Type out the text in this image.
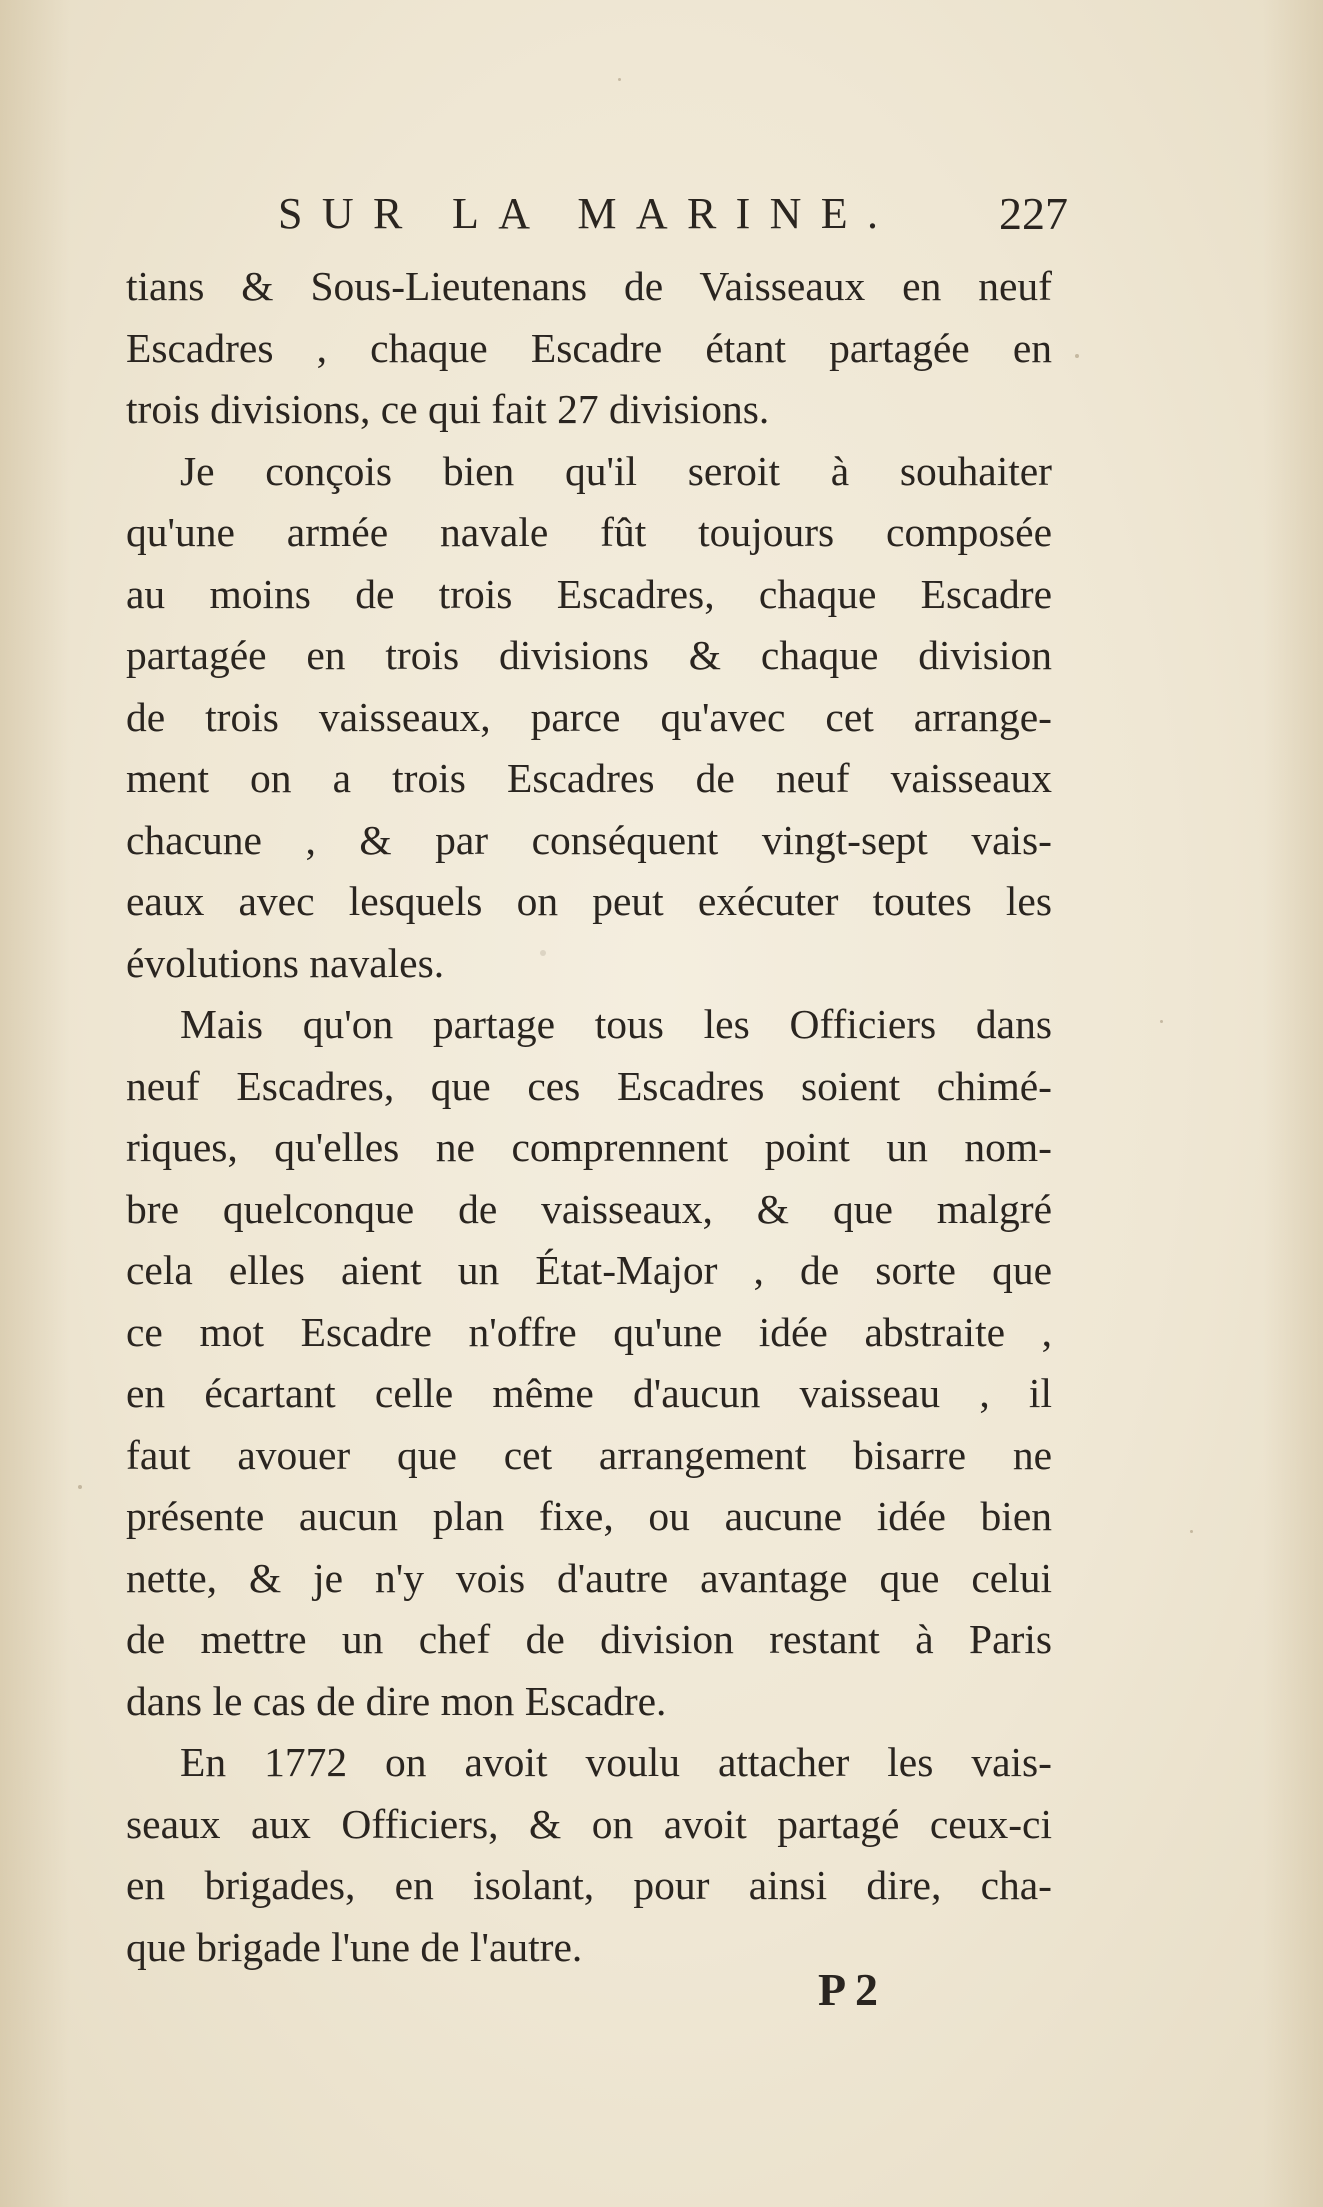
SUR LA MARINE. 227
tians & Sous-Lieutenans de Vaisseaux en neuf
Escadres , chaque Escadre étant partagée en
trois divisions, ce qui fait 27 divisions.
Je conçois bien qu'il seroit à souhaiter
qu'une armée navale fût toujours composée
au moins de trois Escadres, chaque Escadre
partagée en trois divisions & chaque division
de trois vaisseaux, parce qu'avec cet arrange-
ment on a trois Escadres de neuf vaisseaux
chacune , & par conséquent vingt-sept vais-
eaux avec lesquels on peut exécuter toutes les
évolutions navales.
Mais qu'on partage tous les Officiers dans
neuf Escadres, que ces Escadres soient chimé-
riques, qu'elles ne comprennent point un nom-
bre quelconque de vaisseaux, & que malgré
cela elles aient un État-Major , de sorte que
ce mot Escadre n'offre qu'une idée abstraite ,
en écartant celle même d'aucun vaisseau , il
faut avouer que cet arrangement bisarre ne
présente aucun plan fixe, ou aucune idée bien
nette, & je n'y vois d'autre avantage que celui
de mettre un chef de division restant à Paris
dans le cas de dire mon Escadre.
En 1772 on avoit voulu attacher les vais-
seaux aux Officiers, & on avoit partagé ceux-ci
en brigades, en isolant, pour ainsi dire, cha-
que brigade l'une de l'autre.
P 2
